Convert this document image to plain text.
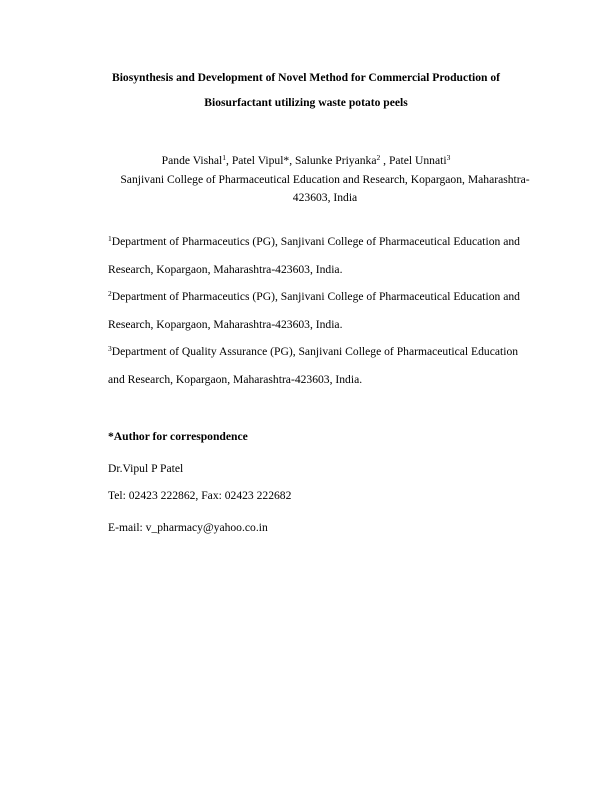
Biosynthesis and Development of Novel Method for Commercial Production of
Biosurfactant utilizing waste potato peels
Pande Vishal$^1$, Patel Vipul*, Salunke Priyanka$^2$ , Patel Unnati$^3$
Sanjivani College of Pharmaceutical Education and Research, Kopargaon, Maharashtra-
423603, India

$^1$Department of Pharmaceutics (PG), Sanjivani College of Pharmaceutical Education and

Research, Kopargaon, Maharashtra-423603, India.

$^2$Department of Pharmaceutics (PG), Sanjivani College of Pharmaceutical Education and

Research, Kopargaon, Maharashtra-423603, India.

$^3$Department of Quality Assurance (PG), Sanjivani College of Pharmaceutical Education

and Research, Kopargaon, Maharashtra-423603, India.

*Author for correspondence
Dr.Vipul P Patel
Tel: 02423 222862, Fax: 02423 222682
E-mail: v_pharmacy@yahoo.co.in
